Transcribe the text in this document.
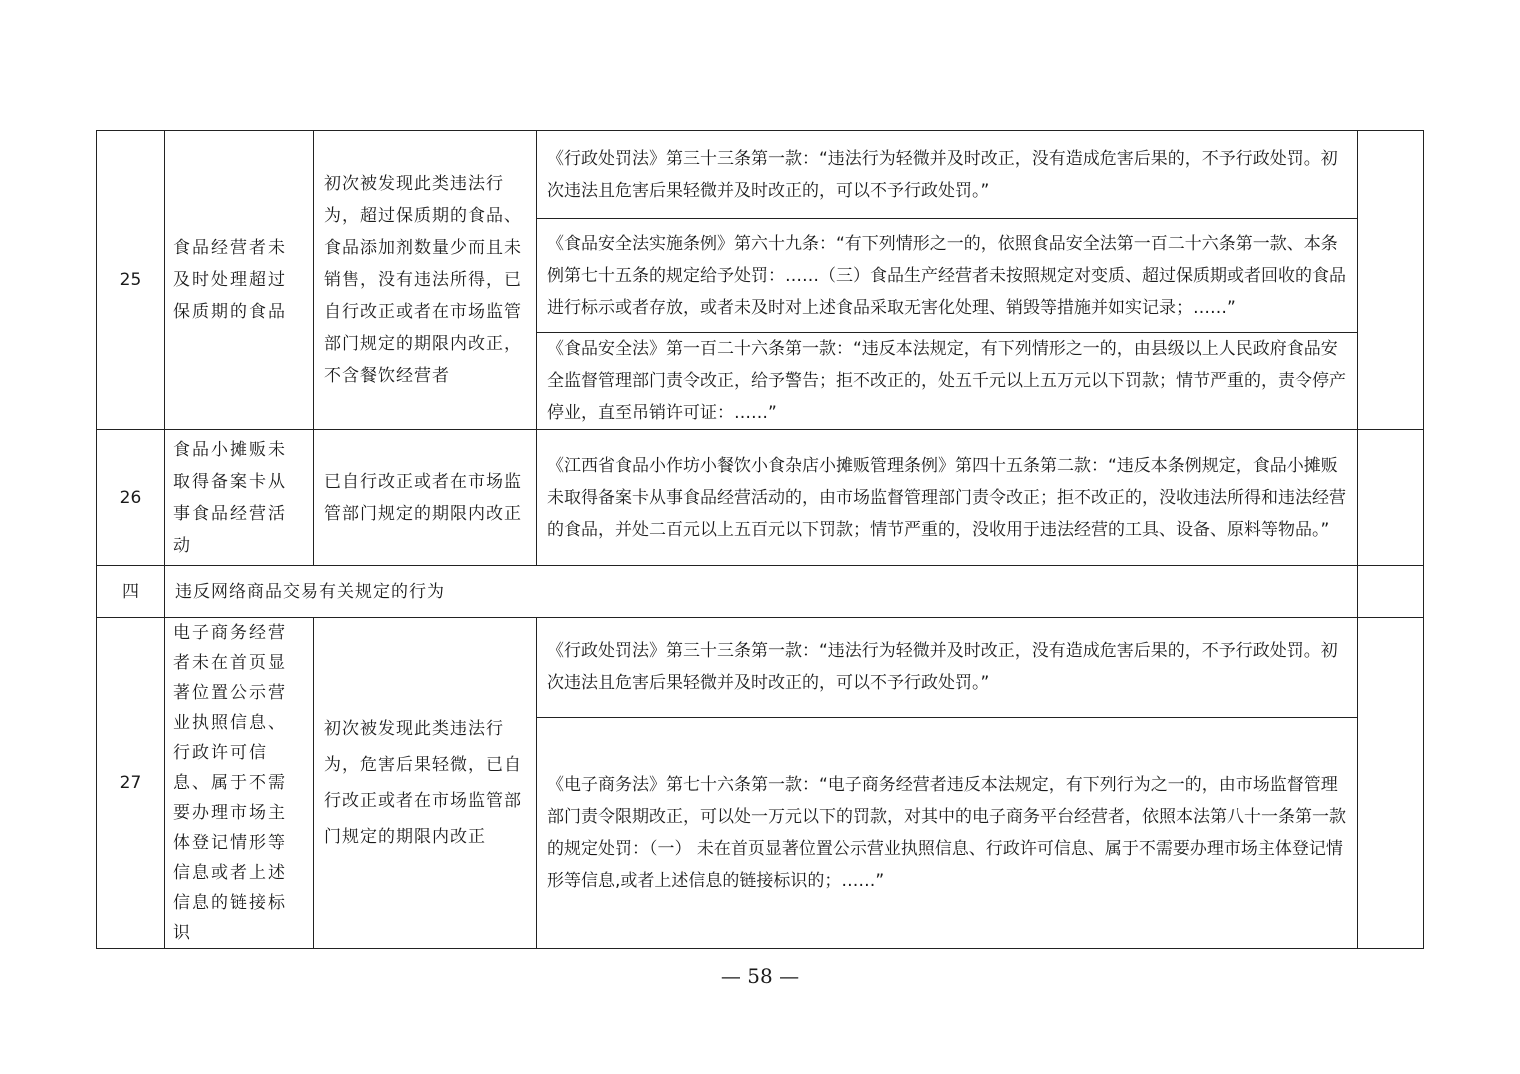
25	食品经营者未及时处理超过保质期的食品	初次被发现此类违法行为，超过保质期的食品、食品添加剂数量少而且未销售，没有违法所得，已自行改正或者在市场监管部门规定的期限内改正，不含餐饮经营者	《行政处罚法》第三十三条第一款：“违法行为轻微并及时改正，没有造成危害后果的，不予行政处罚。初次违法且危害后果轻微并及时改正的，可以不予行政处罚。”	
			《食品安全法实施条例》第六十九条：“有下列情形之一的，依照食品安全法第一百二十六条第一款、本条例第七十五条的规定给予处罚：……（三）食品生产经营者未按照规定对变质、超过保质期或者回收的食品进行标示或者存放，或者未及时对上述食品采取无害化处理、销毁等措施并如实记录；……”	
			《食品安全法》第一百二十六条第一款：“违反本法规定，有下列情形之一的，由县级以上人民政府食品安全监督管理部门责令改正，给予警告；拒不改正的，处五千元以上五万元以下罚款；情节严重的，责令停产停业，直至吊销许可证：……”	
26	食品小摊贩未取得备案卡从事食品经营活动	已自行改正或者在市场监管部门规定的期限内改正	《江西省食品小作坊小餐饮小食杂店小摊贩管理条例》第四十五条第二款：“违反本条例规定，食品小摊贩未取得备案卡从事食品经营活动的，由市场监督管理部门责令改正；拒不改正的，没收违法所得和违法经营的食品，并处二百元以上五百元以下罚款；情节严重的，没收用于违法经营的工具、设备、原料等物品。”	
四	违反网络商品交易有关规定的行为			
27	电子商务经营者未在首页显著位置公示营业执照信息、行政许可信息、属于不需要办理市场主体登记情形等信息或者上述信息的链接标识	初次被发现此类违法行为，危害后果轻微，已自行改正或者在市场监管部门规定的期限内改正	《行政处罚法》第三十三条第一款：“违法行为轻微并及时改正，没有造成危害后果的，不予行政处罚。初次违法且危害后果轻微并及时改正的，可以不予行政处罚。”	
			《电子商务法》第七十六条第一款：“电子商务经营者违反本法规定，有下列行为之一的，由市场监督管理部门责令限期改正，可以处一万元以下的罚款，对其中的电子商务平台经营者，依照本法第八十一条第一款的规定处罚：（一） 未在首页显著位置公示营业执照信息、行政许可信息、属于不需要办理市场主体登记情形等信息,或者上述信息的链接标识的；……”	
— 58 —
